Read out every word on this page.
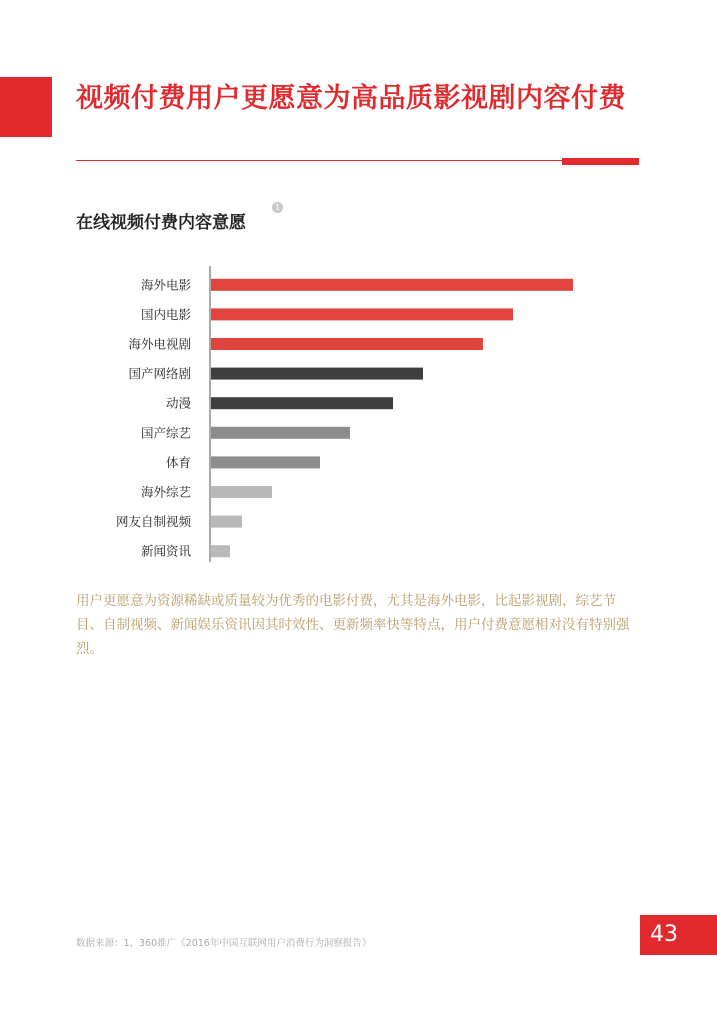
视频付费用户更愿意为高品质影视剧内容付费
在线视频付费内容意愿
1
海外电影
国内电影
海外电视剧
国产网络剧
动漫
国产综艺
体育
海外综艺
网友自制视频
新闻资讯

用户更愿意为资源稀缺或质量较为优秀的电影付费，尤其是海外电影，比起影视剧，综艺节目、自制视频、新闻娱乐资讯因其时效性、更新频率快等特点，用户付费意愿相对没有特别强烈。

数据来源：1、360推广《2016年中国互联网用户消费行为洞察报告》	43
